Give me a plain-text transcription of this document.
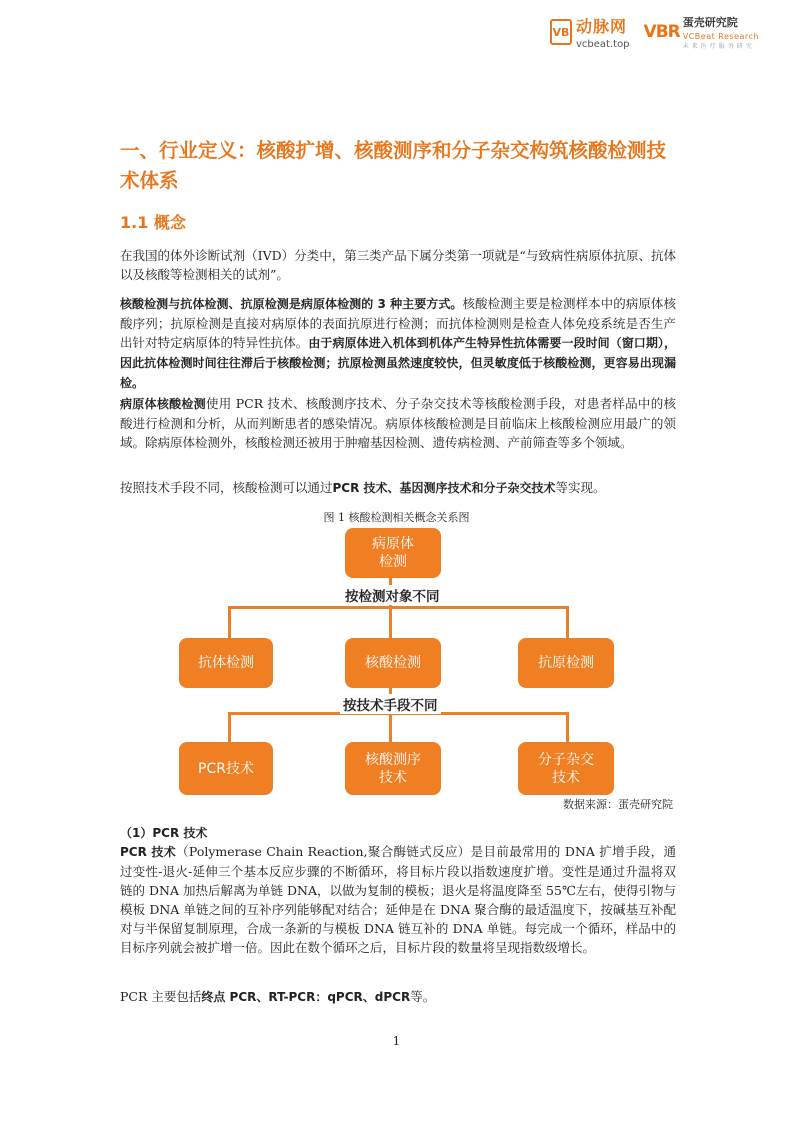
VB 动脉网
vcbeat.top
VBR 蛋壳研究院
VCBeat Research
未来医疗服务研究
一、行业定义：核酸扩增、核酸测序和分子杂交构筑核酸检测技术体系
1.1 概念

在我国的体外诊断试剂（IVD）分类中，第三类产品下属分类第一项就是“与致病性病原体抗原、抗体以及核酸等检测相关的试剂”。

核酸检测与抗体检测、抗原检测是病原体检测的 3 种主要方式。核酸检测主要是检测样本中的病原体核酸序列；抗原检测是直接对病原体的表面抗原进行检测；而抗体检测则是检查人体免疫系统是否生产出针对特定病原体的特异性抗体。由于病原体进入机体到机体产生特异性抗体需要一段时间（窗口期），因此抗体检测时间往往滞后于核酸检测；抗原检测虽然速度较快，但灵敏度低于核酸检测，更容易出现漏检。

病原体核酸检测使用 PCR 技术、核酸测序技术、分子杂交技术等核酸检测手段，对患者样品中的核酸进行检测和分析，从而判断患者的感染情况。病原体核酸检测是目前临床上核酸检测应用最广的领域。除病原体检测外，核酸检测还被用于肿瘤基因检测、遗传病检测、产前筛查等多个领域。

按照技术手段不同，核酸检测可以通过PCR 技术、基因测序技术和分子杂交技术等实现。

图 1 核酸检测相关概念关系图
病原体
检测
按检测对象不同
抗体检测	核酸检测	抗原检测
按技术手段不同
PCR技术
核酸测序
技术
分子杂交
技术
数据来源：蛋壳研究院

（1）PCR 技术

PCR 技术（Polymerase Chain Reaction,聚合酶链式反应）是目前最常用的 DNA 扩增手段，通过变性-退火-延伸三个基本反应步骤的不断循环，将目标片段以指数速度扩增。变性是通过升温将双链的 DNA 加热后解离为单链 DNA，以做为复制的模板；退火是将温度降至 55℃左右，使得引物与模板 DNA 单链之间的互补序列能够配对结合；延伸是在 DNA 聚合酶的最适温度下，按碱基互补配对与半保留复制原理，合成一条新的与模板 DNA 链互补的 DNA 单链。每完成一个循环，样品中的目标序列就会被扩增一倍。因此在数个循环之后，目标片段的数量将呈现指数级增长。

PCR 主要包括终点 PCR、RT-PCR：qPCR、dPCR等。

1
